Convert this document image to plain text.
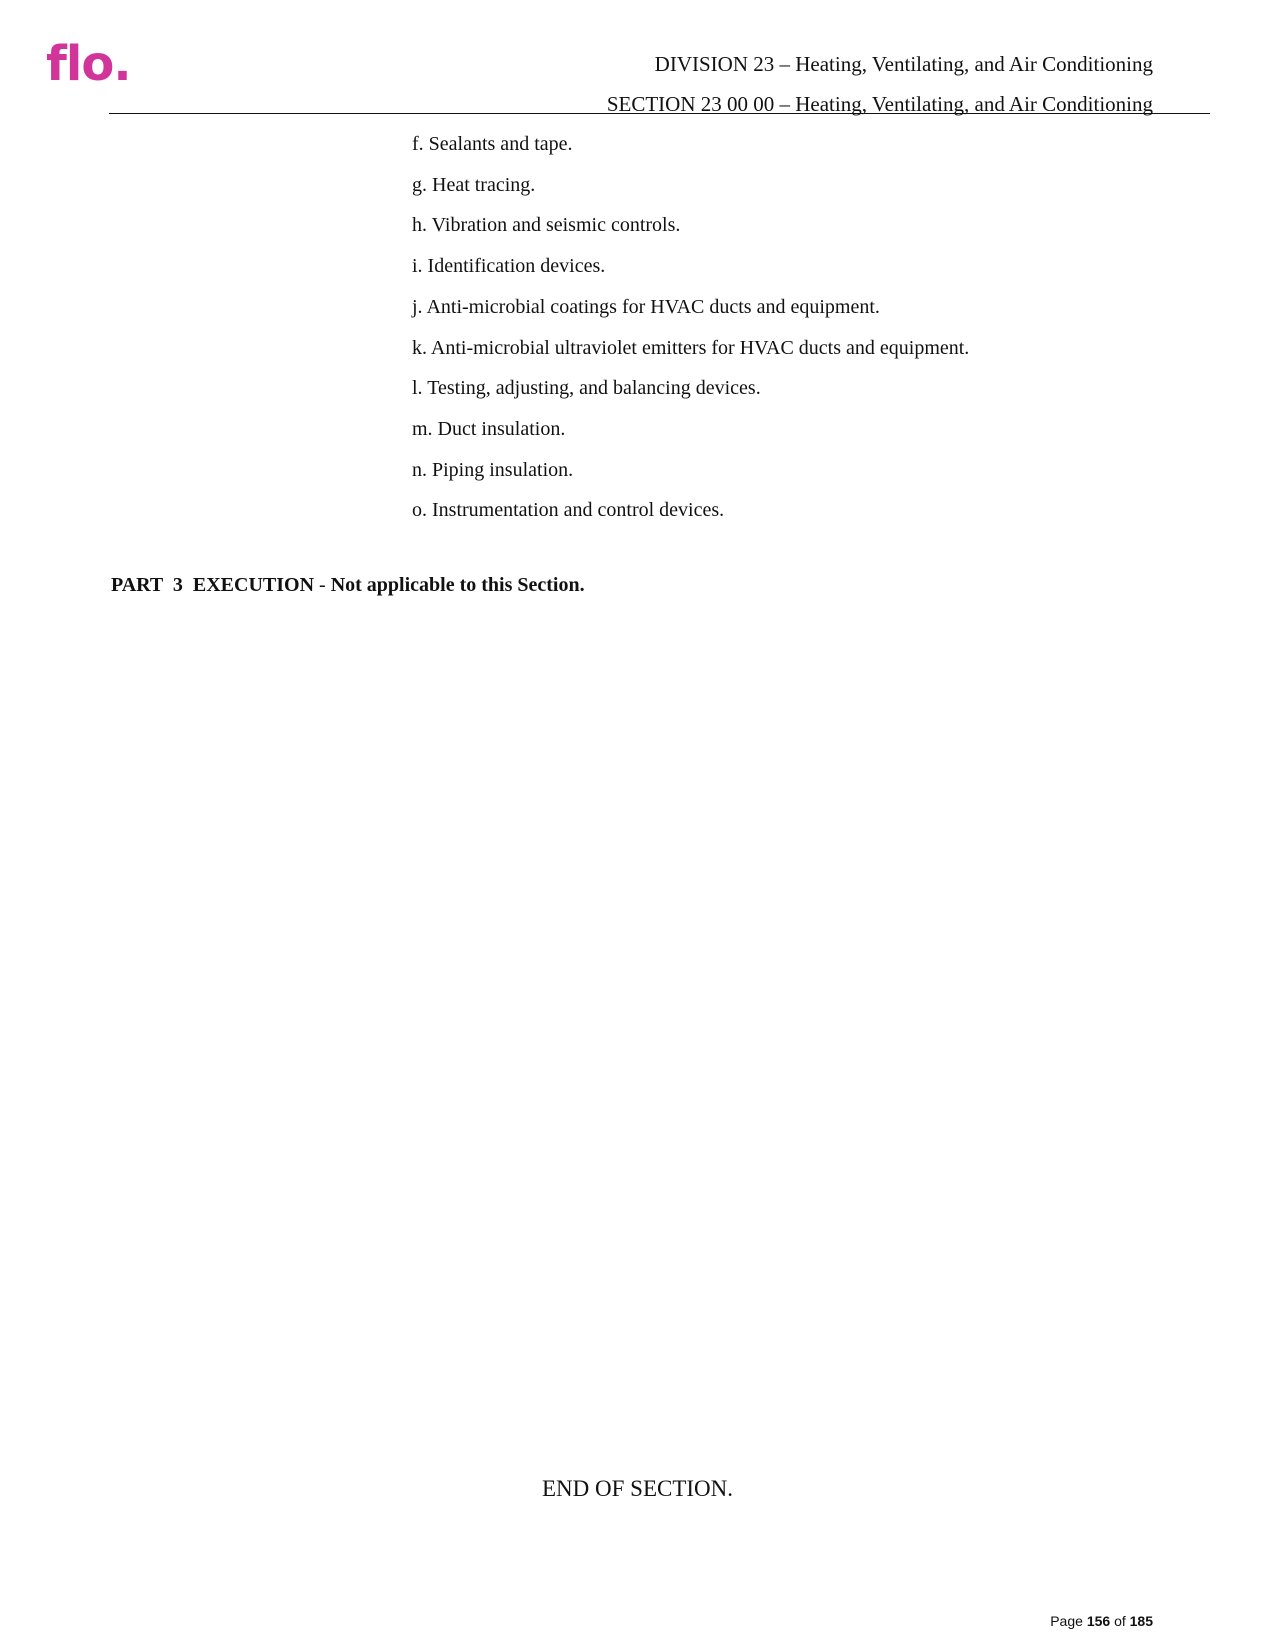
flo.	DIVISION 23 – Heating, Ventilating, and Air Conditioning
SECTION 23 00 00 – Heating, Ventilating, and Air Conditioning
f. Sealants and tape.
g. Heat tracing.
h. Vibration and seismic controls.
i. Identification devices.
j. Anti-microbial coatings for HVAC ducts and equipment.
k. Anti-microbial ultraviolet emitters for HVAC ducts and equipment.
l. Testing, adjusting, and balancing devices.
m. Duct insulation.
n. Piping insulation.
o. Instrumentation and control devices.
PART  3  EXECUTION - Not applicable to this Section.
END OF SECTION.
Page 156 of 185
